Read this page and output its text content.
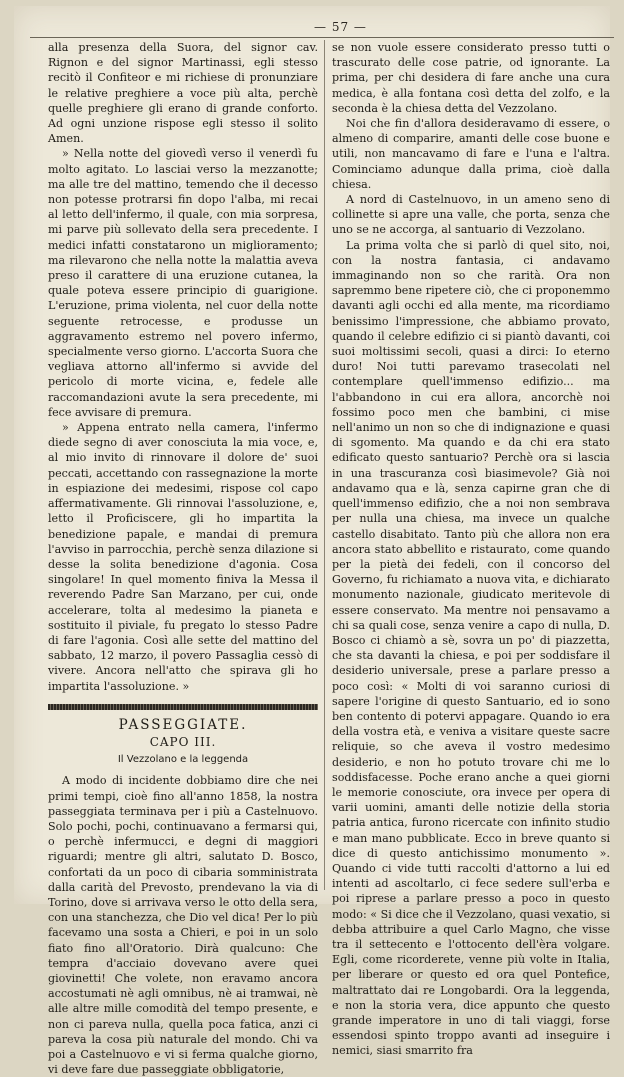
— 57 —

alla presenza della Suora, del signor cav. Rignon e del signor Martinassi, egli stesso recitò il Confiteor e mi richiese di pronunziare le relative preghiere a voce più alta, perchè quelle preghiere gli erano di grande conforto. Ad ogni unzione rispose egli stesso il solito Amen.

» Nella notte del giovedì verso il venerdì fu molto agitato. Lo lasciai verso la mezzanotte; ma alle tre del mattino, temendo che il decesso non potesse protrarsi fin dopo l'alba, mi recai al letto dell'infermo, il quale, con mia sorpresa, mi parve più sollevato della sera precedente. I medici infatti constatarono un miglioramento; ma rilevarono che nella notte la malattia aveva preso il carattere di una eruzione cutanea, la quale poteva essere principio di guarigione. L'eruzione, prima violenta, nel cuor della notte seguente retrocesse, e produsse un aggravamento estremo nel povero infermo, specialmente verso giorno. L'accorta Suora che vegliava attorno all'infermo si avvide del pericolo di morte vicina, e, fedele alle raccomandazioni avute la sera precedente, mi fece avvisare di premura.

» Appena entrato nella camera, l'infermo diede segno di aver conosciuta la mia voce, e, al mio invito di rinnovare il dolore de' suoi peccati, accettando con rassegnazione la morte in espiazione dei medesimi, rispose col capo affermativamente. Gli rinnovai l'assoluzione, e, letto il Proficiscere, gli ho impartita la benedizione papale, e mandai di premura l'avviso in parrocchia, perchè senza dilazione si desse la solita benedizione d'agonia. Cosa singolare! In quel momento finiva la Messa il reverendo Padre San Marzano, per cui, onde accelerare, tolta al medesimo la pianeta e sostituito il piviale, fu pregato lo stesso Padre di fare l'agonia. Così alle sette del mattino del sabbato, 12 marzo, il povero Passaglia cessò di vivere. Ancora nell'atto che spirava gli ho impartita l'assoluzione. »

PASSEGGIATE.
CAPO III.
Il Vezzolano e la leggenda

A modo di incidente dobbiamo dire che nei primi tempi, cioè fino all'anno 1858, la nostra passeggiata terminava per i più a Castelnuovo. Solo pochi, pochi, continuavano a fermarsi qui, o perchè infermucci, e degni di maggiori riguardi; mentre gli altri, salutato D. Bosco, confortati da un poco di cibaria somministrata dalla carità del Prevosto, prendevano la via di Torino, dove si arrivava verso le otto della sera, con una stanchezza, che Dio vel dica! Per lo più facevamo una sosta a Chieri, e poi in un solo fiato fino all'Oratorio. Dirà qualcuno: Che tempra d'acciaio dovevano avere quei giovinetti! Che volete, non eravamo ancora accostumati nè agli omnibus, nè ai tramwai, nè alle altre mille comodità del tempo presente, e non ci pareva nulla, quella poca fatica, anzi ci pareva la cosa più naturale del mondo. Chi va poi a Castelnuovo e vi si ferma qualche giorno, vi deve fare due passeggiate obbligatorie,

se non vuole essere considerato presso tutti o trascurato delle cose patrie, od ignorante. La prima, per chi desidera di fare anche una cura medica, è alla fontana così detta del zolfo, e la seconda è la chiesa detta del Vezzolano.

Noi che fin d'allora desideravamo di essere, o almeno di comparire, amanti delle cose buone e utili, non mancavamo di fare e l'una e l'altra. Cominciamo adunque dalla prima, cioè dalla chiesa.

A nord di Castelnuovo, in un ameno seno di collinette si apre una valle, che porta, senza che uno se ne accorga, al santuario di Vezzolano.

La prima volta che si parlò di quel sito, noi, con la nostra fantasia, ci andavamo immaginando non so che rarità. Ora non sapremmo bene ripetere ciò, che ci proponemmo davanti agli occhi ed alla mente, ma ricordiamo benissimo l'impressione, che abbiamo provato, quando il celebre edifizio ci si piantò davanti, coi suoi moltissimi secoli, quasi a dirci: Io eterno duro! Noi tutti parevamo trasecolati nel contemplare quell'immenso edifizio... ma l'abbandono in cui era allora, ancorchè noi fossimo poco men che bambini, ci mise nell'animo un non so che di indignazione e quasi di sgomento. Ma quando e da chi era stato edificato questo santuario? Perchè ora si lascia in una trascuranza così biasimevole? Già noi andavamo qua e là, senza capirne gran che di quell'immenso edifizio, che a noi non sembrava per nulla una chiesa, ma invece un qualche castello disabitato. Tanto più che allora non era ancora stato abbellito e ristaurato, come quando per la pietà dei fedeli, con il concorso del Governo, fu richiamato a nuova vita, e dichiarato monumento nazionale, giudicato meritevole di essere conservato. Ma mentre noi pensavamo a chi sa quali cose, senza venire a capo di nulla, D. Bosco ci chiamò a sè, sovra un po' di piazzetta, che sta davanti la chiesa, e poi per soddisfare il desiderio universale, prese a parlare presso a poco così: « Molti di voi saranno curiosi di sapere l'origine di questo Santuario, ed io sono ben contento di potervi appagare. Quando io era della vostra età, e veniva a visitare queste sacre reliquie, so che aveva il vostro medesimo desiderio, e non ho potuto trovare chi me lo soddisfacesse. Poche erano anche a quei giorni le memorie conosciute, ora invece per opera di varii uomini, amanti delle notizie della storia patria antica, furono ricercate con infinito studio e man mano pubblicate. Ecco in breve quanto si dice di questo antichissimo monumento ». Quando ci vide tutti raccolti d'attorno a lui ed intenti ad ascoltarlo, ci fece sedere sull'erba e poi riprese a parlare presso a poco in questo modo: « Si dice che il Vezzolano, quasi vexatio, si debba attribuire a quel Carlo Magno, che visse tra il settecento e l'ottocento dell'èra volgare. Egli, come ricorderete, venne più volte in Italia, per liberare or questo ed ora quel Pontefice, maltrattato dai re Longobardi. Ora la leggenda, e non la storia vera, dice appunto che questo grande imperatore in uno di tali viaggi, forse essendosi spinto troppo avanti ad inseguire i nemici, siasi smarrito fra
